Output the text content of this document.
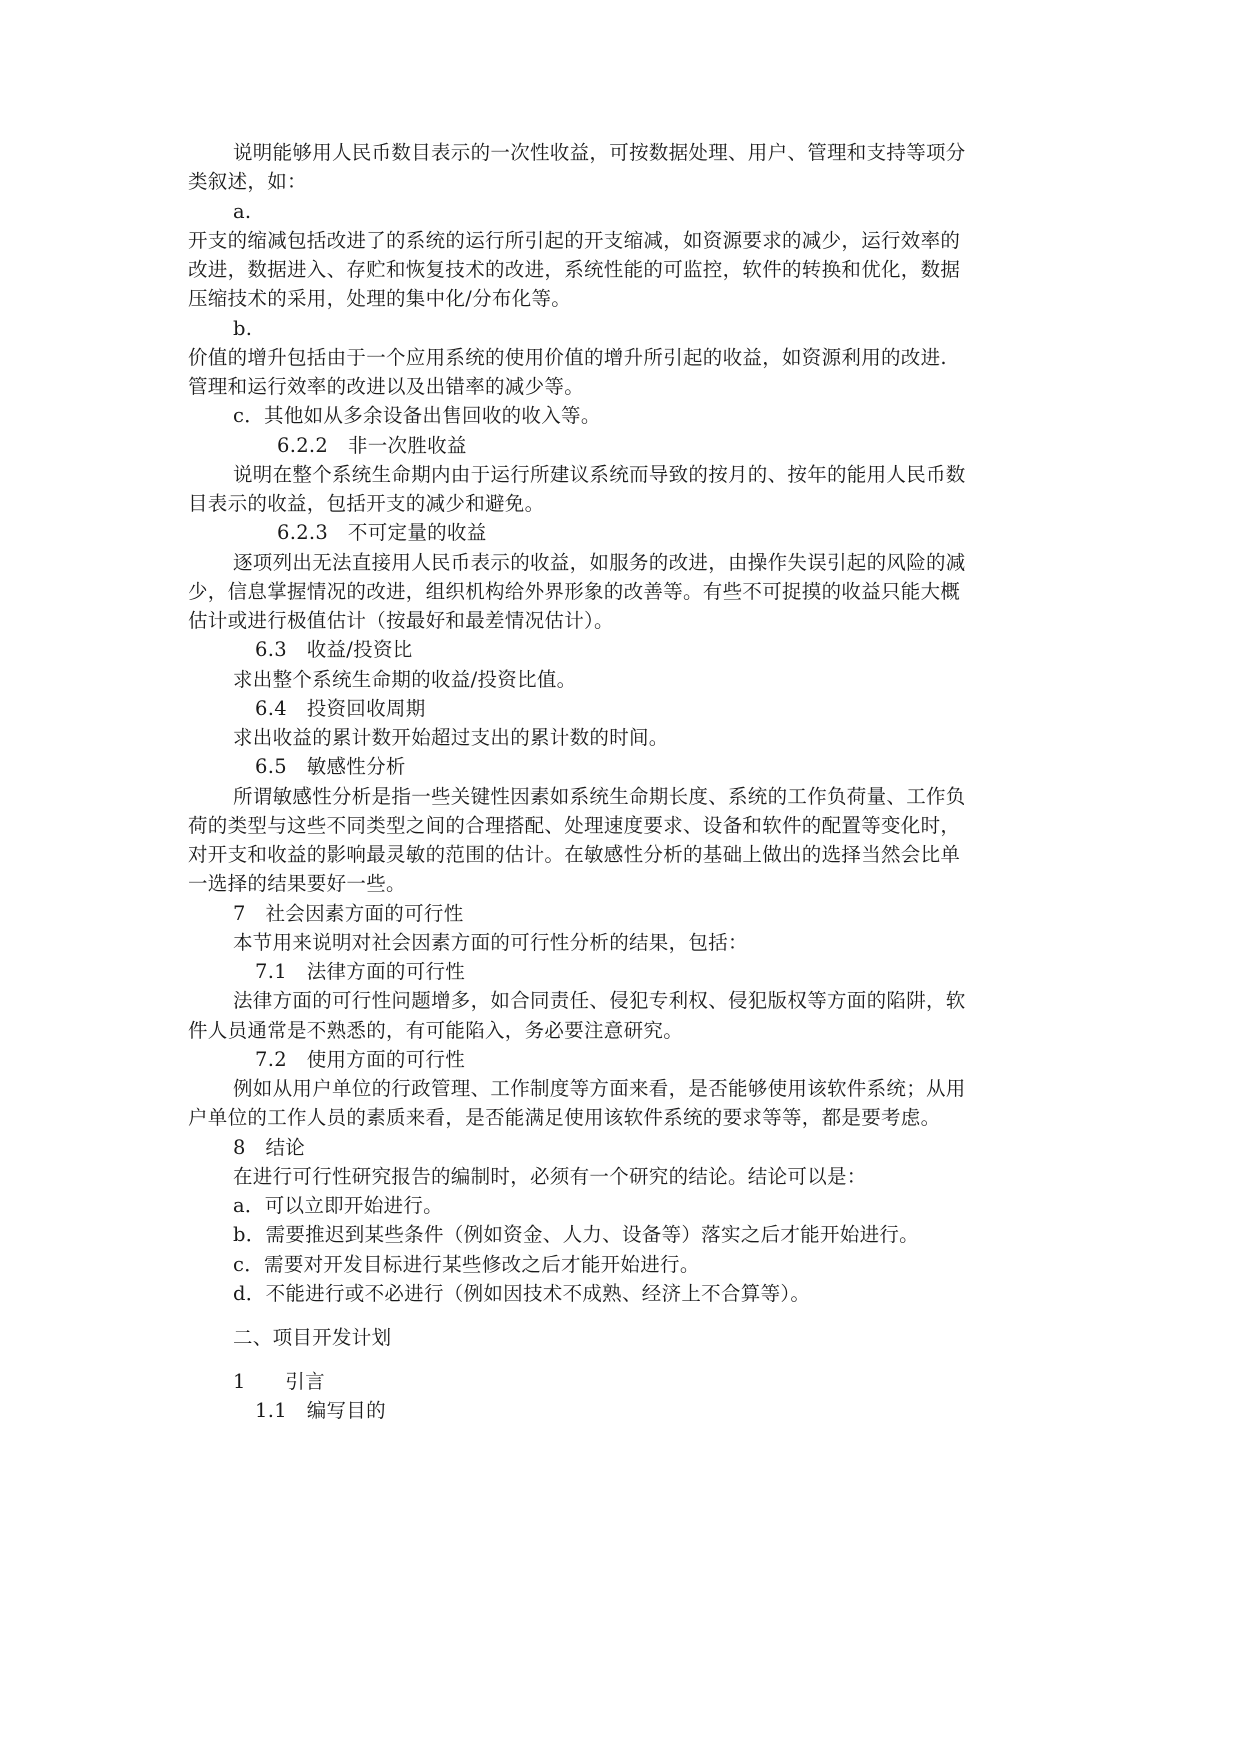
说明能够用人民币数目表示的一次性收益，可按数据处理、用户、管理和支持等项分
类叙述，如：
a.
开支的缩减包括改进了的系统的运行所引起的开支缩减，如资源要求的减少，运行效率的
改进，数据进入、存贮和恢复技术的改进，系统性能的可监控，软件的转换和优化，数据
压缩技术的采用，处理的集中化/分布化等。
b.
价值的增升包括由于一个应用系统的使用价值的增升所引起的收益，如资源利用的改进.
管理和运行效率的改进以及出错率的减少等。
c．其他如从多余设备出售回收的收入等。
6.2.2　非一次胜收益
说明在整个系统生命期内由于运行所建议系统而导致的按月的、按年的能用人民币数
目表示的收益，包括开支的减少和避免。
6.2.3　不可定量的收益
逐项列出无法直接用人民币表示的收益，如服务的改进，由操作失误引起的风险的减
少，信息掌握情况的改进，组织机构给外界形象的改善等。有些不可捉摸的收益只能大概
估计或进行极值估计（按最好和最差情况估计）。
6.3　收益/投资比
求出整个系统生命期的收益/投资比值。
6.4　投资回收周期
求出收益的累计数开始超过支出的累计数的时间。
6.5　敏感性分析
所谓敏感性分析是指一些关键性因素如系统生命期长度、系统的工作负荷量、工作负
荷的类型与这些不同类型之间的合理搭配、处理速度要求、设备和软件的配置等变化时，
对开支和收益的影响最灵敏的范围的估计。在敏感性分析的基础上做出的选择当然会比单
一选择的结果要好一些。
7　社会因素方面的可行性
本节用来说明对社会因素方面的可行性分析的结果，包括：
7.1　法律方面的可行性
法律方面的可行性问题增多，如合同责任、侵犯专利权、侵犯版权等方面的陷阱，软
件人员通常是不熟悉的，有可能陷入，务必要注意研究。
7.2　使用方面的可行性
例如从用户单位的行政管理、工作制度等方面来看，是否能够使用该软件系统；从用
户单位的工作人员的素质来看，是否能满足使用该软件系统的要求等等，都是要考虑。
8　结论
在进行可行性研究报告的编制时，必须有一个研究的结论。结论可以是：
a．可以立即开始进行。
b．需要推迟到某些条件（例如资金、人力、设备等）落实之后才能开始进行。
c．需要对开发目标进行某些修改之后才能开始进行。
d．不能进行或不必进行（例如因技术不成熟、经济上不合算等）。
二、项目开发计划
1　　引言
1.1　编写目的
